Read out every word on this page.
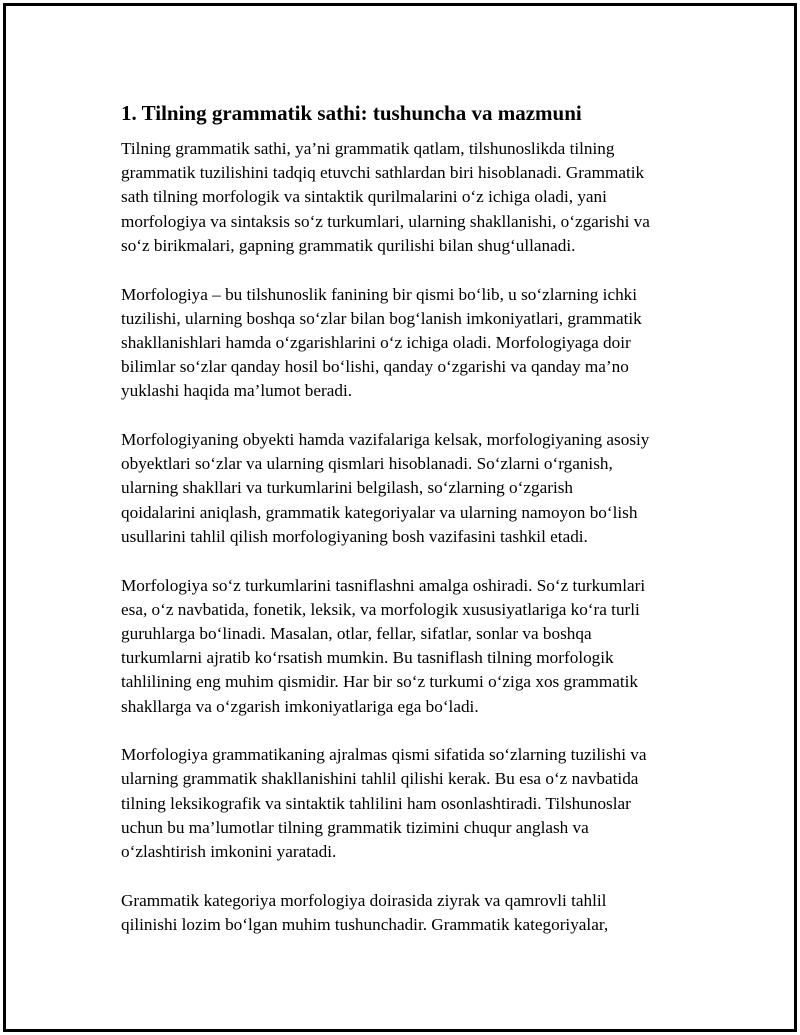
1. Tilning grammatik sathi: tushuncha va mazmuni

Tilning grammatik sathi, ya’ni grammatik qatlam, tilshunoslikda tilning
grammatik tuzilishini tadqiq etuvchi sathlardan biri hisoblanadi. Grammatik
sath tilning morfologik va sintaktik qurilmalarini o‘z ichiga oladi, yani
morfologiya va sintaksis so‘z turkumlari, ularning shakllanishi, o‘zgarishi va
so‘z birikmalari, gapning grammatik qurilishi bilan shug‘ullanadi.

Morfologiya – bu tilshunoslik fanining bir qismi bo‘lib, u so‘zlarning ichki
tuzilishi, ularning boshqa so‘zlar bilan bog‘lanish imkoniyatlari, grammatik
shakllanishlari hamda o‘zgarishlarini o‘z ichiga oladi. Morfologiyaga doir
bilimlar so‘zlar qanday hosil bo‘lishi, qanday o‘zgarishi va qanday ma’no
yuklashi haqida ma’lumot beradi.

Morfologiyaning obyekti hamda vazifalariga kelsak, morfologiyaning asosiy
obyektlari so‘zlar va ularning qismlari hisoblanadi. So‘zlarni o‘rganish,
ularning shakllari va turkumlarini belgilash, so‘zlarning o‘zgarish
qoidalarini aniqlash, grammatik kategoriyalar va ularning namoyon bo‘lish
usullarini tahlil qilish morfologiyaning bosh vazifasini tashkil etadi.

Morfologiya so‘z turkumlarini tasniflashni amalga oshiradi. So‘z turkumlari
esa, o‘z navbatida, fonetik, leksik, va morfologik xususiyatlariga ko‘ra turli
guruhlarga bo‘linadi. Masalan, otlar, fellar, sifatlar, sonlar va boshqa
turkumlarni ajratib ko‘rsatish mumkin. Bu tasniflash tilning morfologik
tahlilining eng muhim qismidir. Har bir so‘z turkumi o‘ziga xos grammatik
shakllarga va o‘zgarish imkoniyatlariga ega bo‘ladi.

Morfologiya grammatikaning ajralmas qismi sifatida so‘zlarning tuzilishi va
ularning grammatik shakllanishini tahlil qilishi kerak. Bu esa o‘z navbatida
tilning leksikografik va sintaktik tahlilini ham osonlashtiradi. Tilshunoslar
uchun bu ma’lumotlar tilning grammatik tizimini chuqur anglash va
o‘zlashtirish imkonini yaratadi.

Grammatik kategoriya morfologiya doirasida ziyrak va qamrovli tahlil
qilinishi lozim bo‘lgan muhim tushunchadir. Grammatik kategoriyalar,
